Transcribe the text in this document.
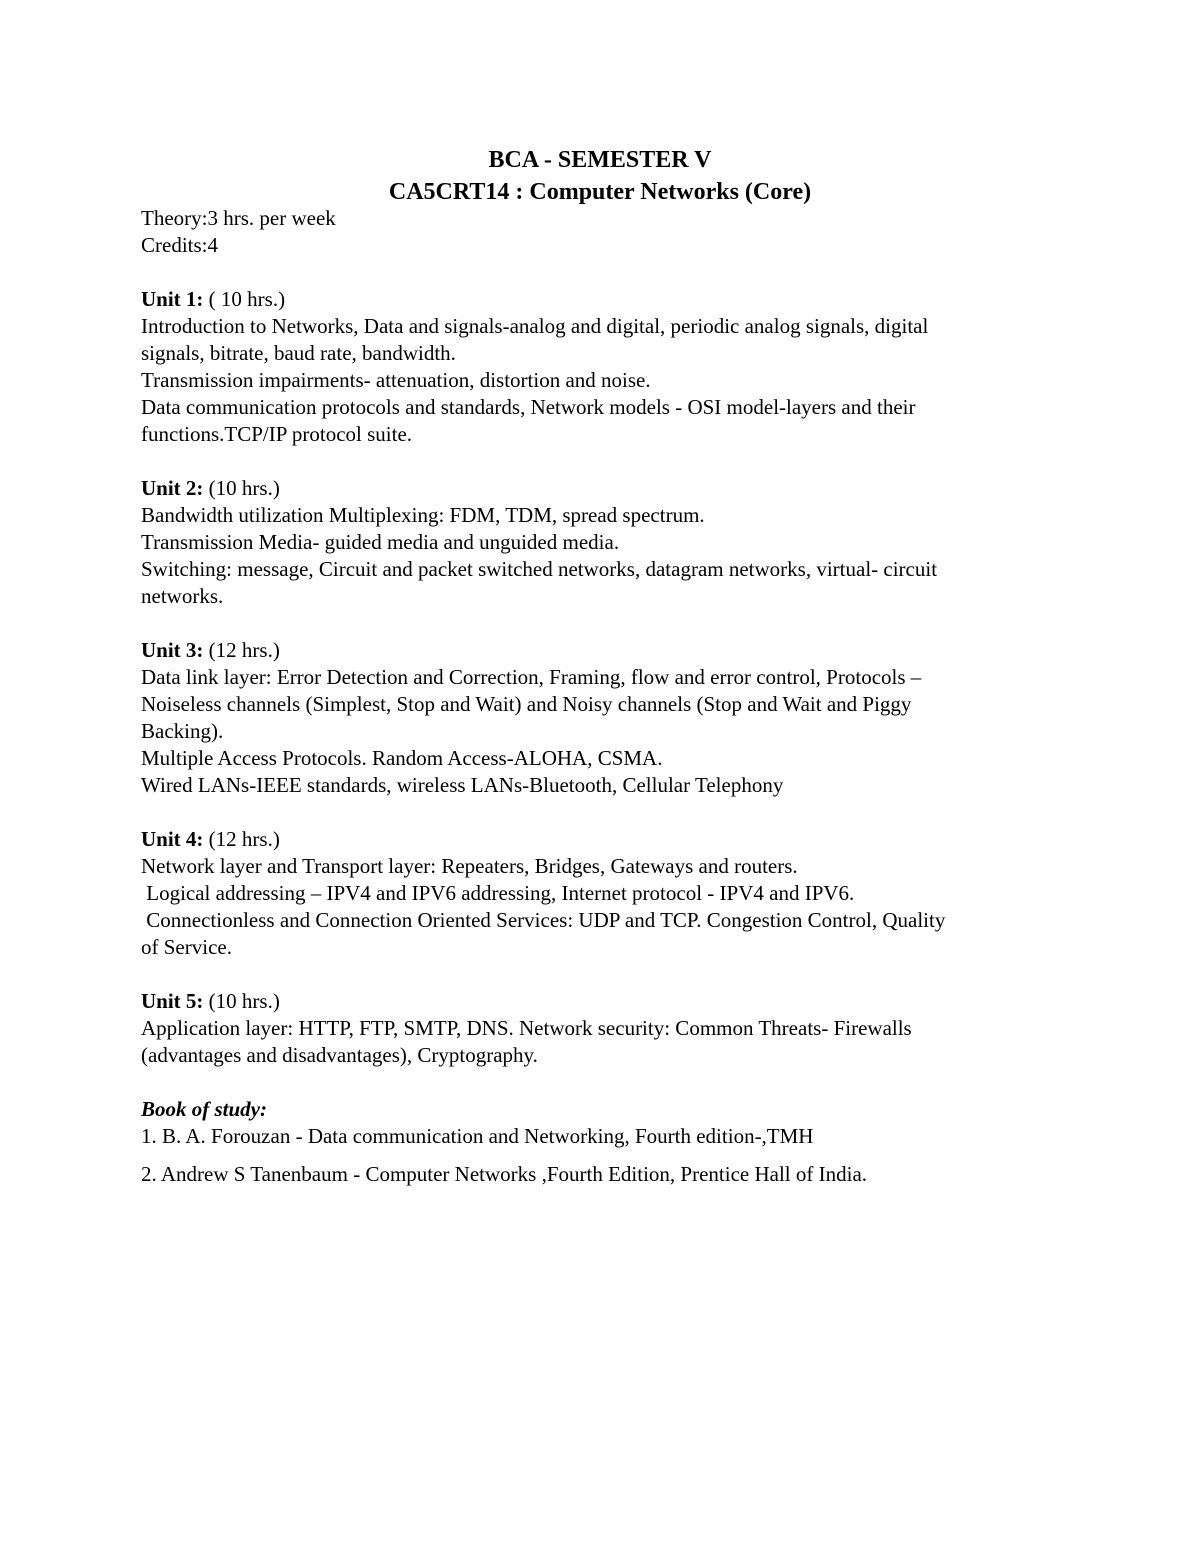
BCA - SEMESTER V

CA5CRT14 : Computer Networks (Core)

Theory:3 hrs. per week

Credits:4

Unit 1: ( 10 hrs.)

Introduction to Networks, Data and signals-analog and digital, periodic analog signals, digital

signals, bitrate, baud rate, bandwidth.

Transmission impairments- attenuation, distortion and noise.

Data communication protocols and standards, Network models - OSI model-layers and their

functions.TCP/IP protocol suite.

Unit 2: (10 hrs.)

Bandwidth utilization Multiplexing: FDM, TDM, spread spectrum.

Transmission Media- guided media and unguided media.

Switching: message, Circuit and packet switched networks, datagram networks, virtual- circuit

networks.

Unit 3: (12 hrs.)

Data link layer: Error Detection and Correction, Framing, flow and error control, Protocols –

Noiseless channels (Simplest, Stop and Wait) and Noisy channels (Stop and Wait and Piggy

Backing).

Multiple Access Protocols. Random Access-ALOHA, CSMA.

Wired LANs-IEEE standards, wireless LANs-Bluetooth, Cellular Telephony

Unit 4: (12 hrs.)

Network layer and Transport layer: Repeaters, Bridges, Gateways and routers.

Logical addressing – IPV4 and IPV6 addressing, Internet protocol - IPV4 and IPV6.

Connectionless and Connection Oriented Services: UDP and TCP. Congestion Control, Quality

of Service.

Unit 5: (10 hrs.)

Application layer: HTTP, FTP, SMTP, DNS. Network security: Common Threats- Firewalls

(advantages and disadvantages), Cryptography.

Book of study:

1. B. A. Forouzan - Data communication and Networking, Fourth edition-,TMH

2. Andrew S Tanenbaum - Computer Networks ,Fourth Edition, Prentice Hall of India.
